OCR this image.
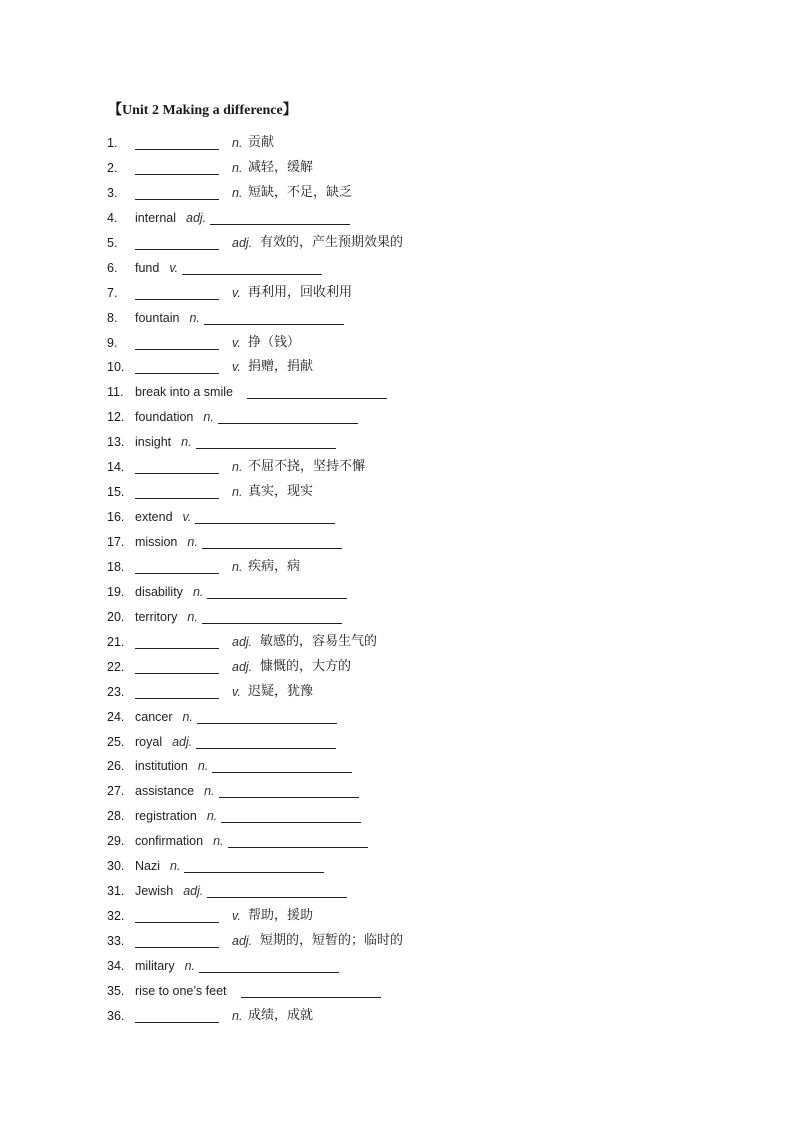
【Unit 2 Making a difference】
1.	n. 贡献
2.	n. 减轻，缓解
3.	n. 短缺，不足，缺乏
4.	internal adj.
5.	adj. 有效的，产生预期效果的
6.	fund v.
7.	v. 再利用，回收利用
8.	fountain n.
9.	v. 挣（钱）
10.	v. 捐赠，捐献
11. break into a smile
12. foundation n.
13. insight n.
14.	n. 不屈不挠，坚持不懈
15.	n. 真实，现实
16. extend v.
17. mission n.
18.	n. 疾病，病
19. disability n.
20. territory n.
21.	adj. 敏感的，容易生气的
22.	adj. 慷慨的，大方的
23.	v. 迟疑，犹豫
24. cancer n.
25. royal adj.
26. institution n.
27. assistance n.
28. registration n.
29. confirmation n.
30. Nazi n.
31. Jewish adj.
32.	v. 帮助，援助
33.	adj. 短期的，短暂的；临时的
34. military n.
35. rise to one’s feet
36.	n. 成绩，成就
